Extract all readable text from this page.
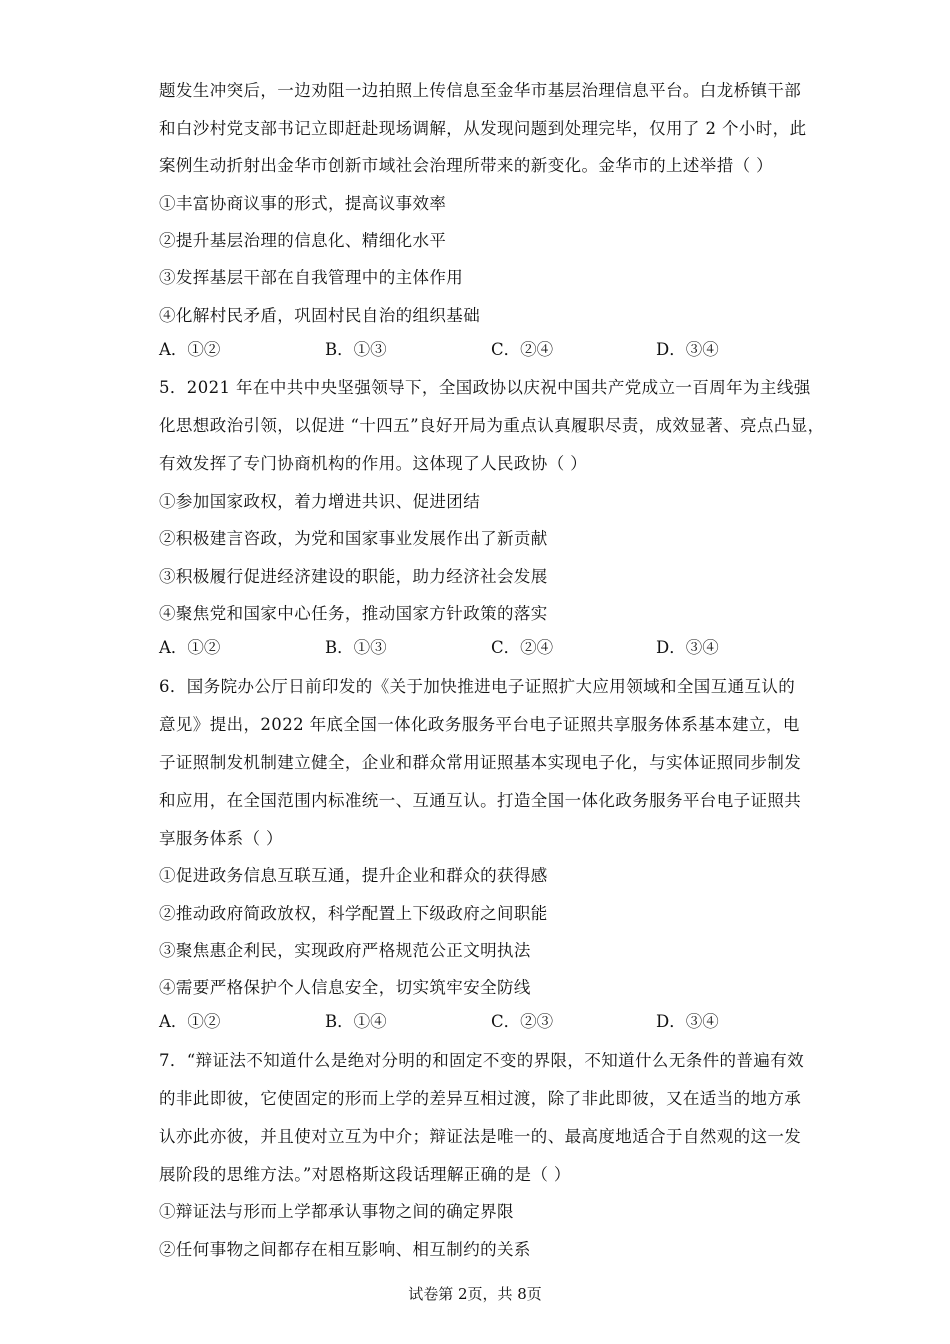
题发生冲突后，一边劝阻一边拍照上传信息至金华市基层治理信息平台。白龙桥镇干部
和白沙村党支部书记立即赶赴现场调解，从发现问题到处理完毕，仅用了 2 个小时，此
案例生动折射出金华市创新市域社会治理所带来的新变化。金华市的上述举措（ ）
①丰富协商议事的形式，提高议事效率
②提升基层治理的信息化、精细化水平
③发挥基层干部在自我管理中的主体作用
④化解村民矛盾，巩固村民自治的组织基础
A．①②	B．①③	C．②④	D．③④
5．2021 年在中共中央坚强领导下，全国政协以庆祝中国共产党成立一百周年为主线强
化思想政治引领，以促进 “十四五”良好开局为重点认真履职尽责，成效显著、亮点凸显，
有效发挥了专门协商机构的作用。这体现了人民政协（ ）
①参加国家政权，着力增进共识、促进团结
②积极建言咨政，为党和国家事业发展作出了新贡献
③积极履行促进经济建设的职能，助力经济社会发展
④聚焦党和国家中心任务，推动国家方针政策的落实
A．①②	B．①③	C．②④	D．③④
6．国务院办公厅日前印发的《关于加快推进电子证照扩大应用领域和全国互通互认的
意见》提出，2022 年底全国一体化政务服务平台电子证照共享服务体系基本建立，电
子证照制发机制建立健全，企业和群众常用证照基本实现电子化，与实体证照同步制发
和应用，在全国范围内标准统一、互通互认。打造全国一体化政务服务平台电子证照共
享服务体系（ ）
①促进政务信息互联互通，提升企业和群众的获得感
②推动政府简政放权，科学配置上下级政府之间职能
③聚焦惠企利民，实现政府严格规范公正文明执法
④需要严格保护个人信息安全，切实筑牢安全防线
A．①②	B．①④	C．②③	D．③④
7．“辩证法不知道什么是绝对分明的和固定不变的界限，不知道什么无条件的普遍有效
的非此即彼，它使固定的形而上学的差异互相过渡，除了非此即彼，又在适当的地方承
认亦此亦彼，并且使对立互为中介；辩证法是唯一的、最高度地适合于自然观的这一发
展阶段的思维方法。”对恩格斯这段话理解正确的是（ ）
①辩证法与形而上学都承认事物之间的确定界限
②任何事物之间都存在相互影响、相互制约的关系
试卷第 2页，共 8页
